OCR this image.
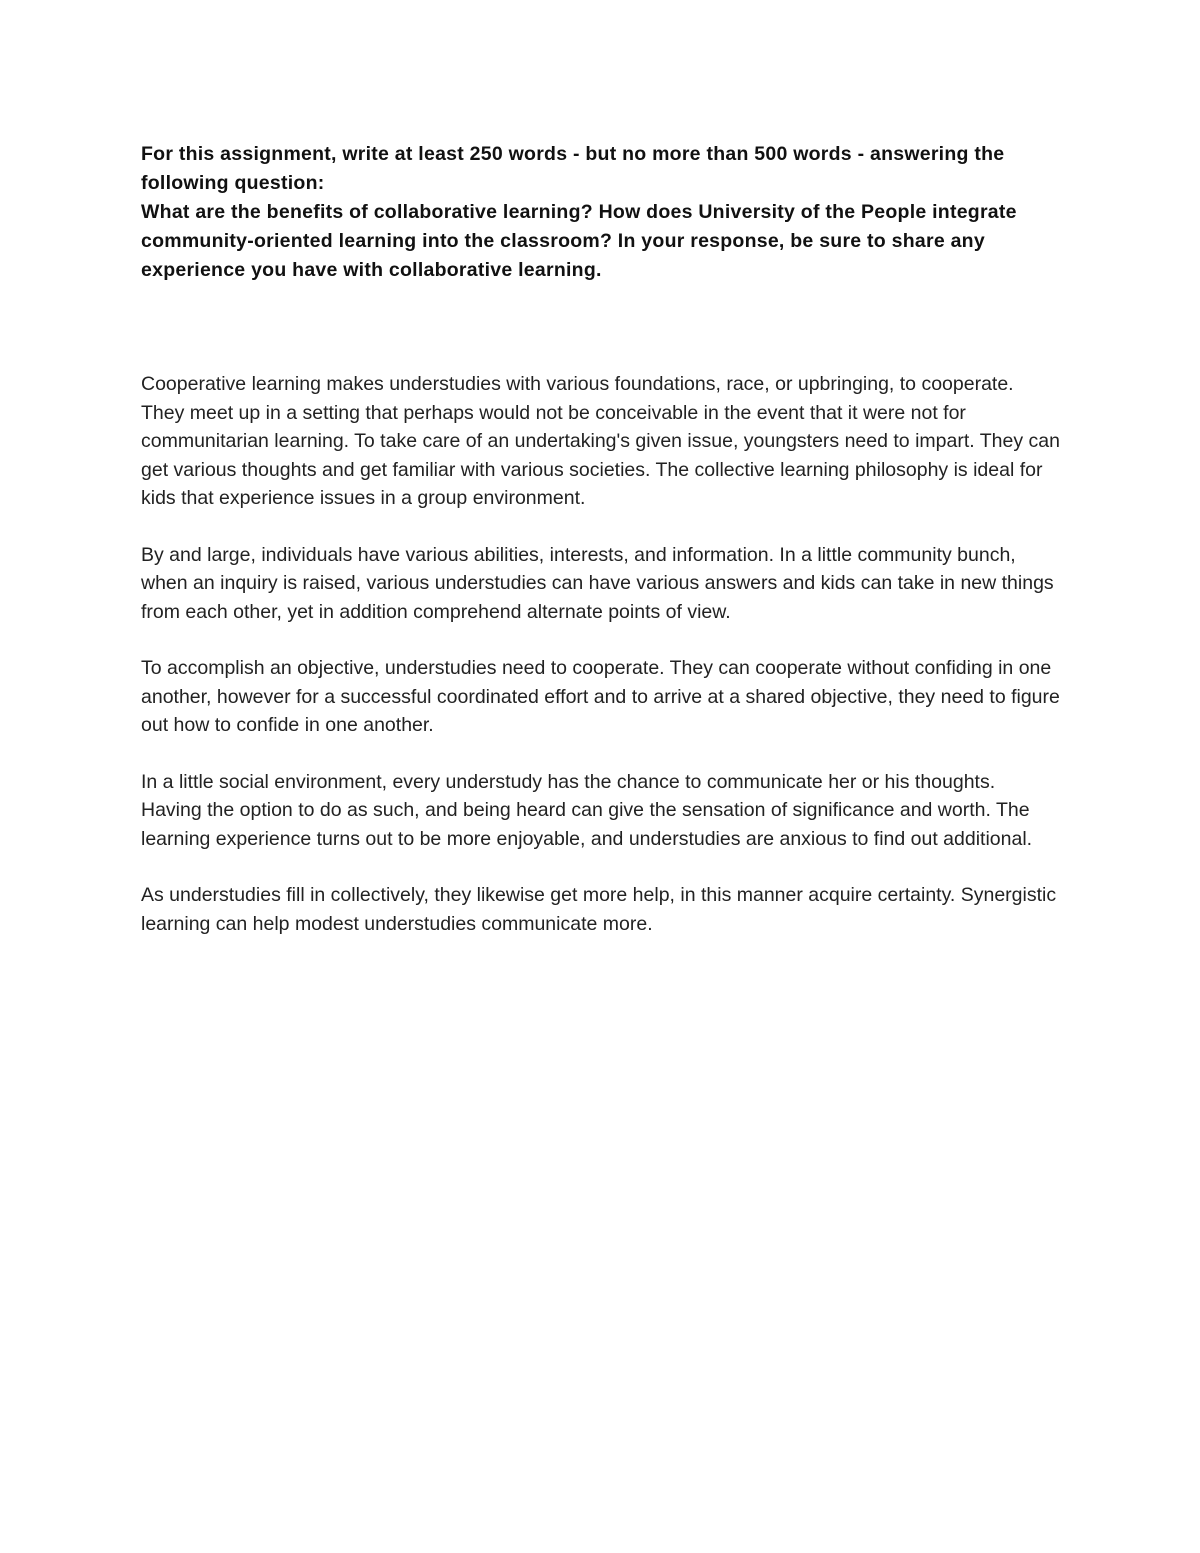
For this assignment, write at least 250 words - but no more than 500 words - answering the following question:
What are the benefits of collaborative learning? How does University of the People integrate community-oriented learning into the classroom? In your response, be sure to share any experience you have with collaborative learning.

Cooperative learning makes understudies with various foundations, race, or upbringing, to cooperate. They meet up in a setting that perhaps would not be conceivable in the event that it were not for communitarian learning. To take care of an undertaking's given issue, youngsters need to impart. They can get various thoughts and get familiar with various societies. The collective learning philosophy is ideal for kids that experience issues in a group environment.

By and large, individuals have various abilities, interests, and information. In a little community bunch, when an inquiry is raised, various understudies can have various answers and kids can take in new things from each other, yet in addition comprehend alternate points of view.

To accomplish an objective, understudies need to cooperate. They can cooperate without confiding in one another, however for a successful coordinated effort and to arrive at a shared objective, they need to figure out how to confide in one another.

In a little social environment, every understudy has the chance to communicate her or his thoughts. Having the option to do as such, and being heard can give the sensation of significance and worth. The learning experience turns out to be more enjoyable, and understudies are anxious to find out additional.

As understudies fill in collectively, they likewise get more help, in this manner acquire certainty. Synergistic learning can help modest understudies communicate more.
